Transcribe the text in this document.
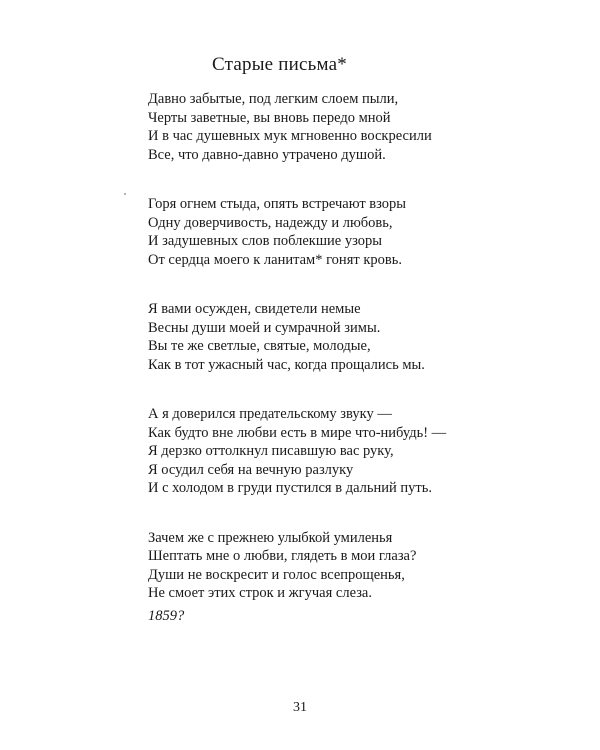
Старые письма*
Давно забытые, под легким слоем пыли,
Черты заветные, вы вновь передо мной
И в час душевных мук мгновенно воскресили
Все, что давно-давно утрачено душой.
Горя огнем стыда, опять встречают взоры
Одну доверчивость, надежду и любовь,
И задушевных слов поблекшие узоры
От сердца моего к ланитам* гонят кровь.
Я вами осужден, свидетели немые
Весны души моей и сумрачной зимы.
Вы те же светлые, святые, молодые,
Как в тот ужасный час, когда прощались мы.
А я доверился предательскому звуку —
Как будто вне любви есть в мире что-нибудь! —
Я дерзко оттолкнул писавшую вас руку,
Я осудил себя на вечную разлуку
И с холодом в груди пустился в дальний путь.
Зачем же с прежнею улыбкой умиленья
Шептать мне о любви, глядеть в мои глаза?
Души не воскресит и голос всепрощенья,
Не смоет этих строк и жгучая слеза.
1859?
31
